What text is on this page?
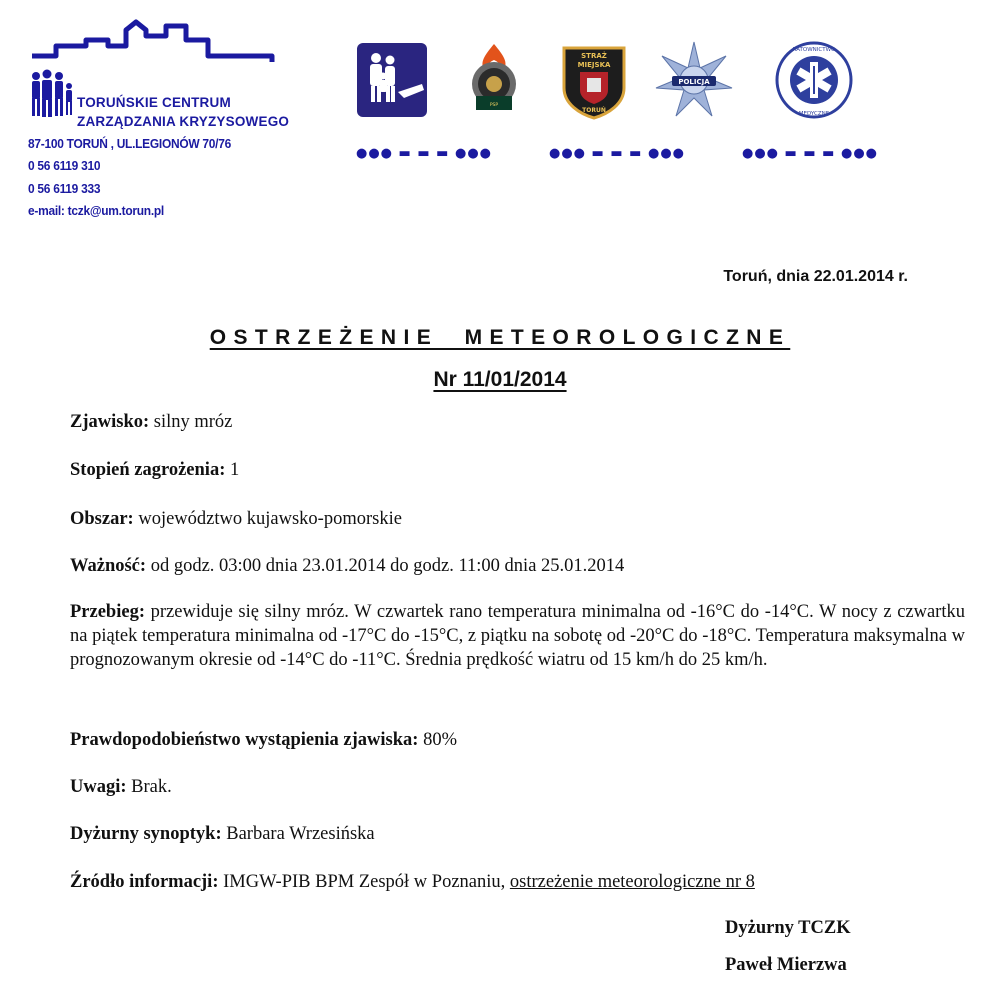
TORUŃSKIE CENTRUM
ZARZĄDZANIA KRYZYSOWEGO
87-100 TORUŃ , UL.LEGIONÓW 70/76
0 56 6119 310
0 56 6119 333
e-mail: tczk@um.torun.pl
PSP
STRAŻ
MIEJSKA
TORUŃ
POLICJA
RATOWNICTWO
MEDYCZNE
●●● ▬ ▬ ▬ ●●●	●●● ▬ ▬ ▬ ●●●	●●● ▬ ▬ ▬ ●●●
Toruń, dnia 22.01.2014 r.
OSTRZEŻENIE  METEOROLOGICZNE
Nr 11/01/2014
Zjawisko: silny mróz
Stopień zagrożenia: 1
Obszar: województwo kujawsko-pomorskie
Ważność: od godz. 03:00 dnia 23.01.2014 do godz. 11:00 dnia 25.01.2014
Przebieg: przewiduje się silny mróz. W czwartek rano temperatura minimalna od -16°C do -14°C. W nocy z czwartku na piątek temperatura minimalna od -17°C do -15°C, z piątku na sobotę od -20°C do -18°C. Temperatura maksymalna w prognozowanym okresie od -14°C do -11°C. Średnia prędkość wiatru od 15 km/h do 25 km/h.
Prawdopodobieństwo wystąpienia zjawiska: 80%
Uwagi: Brak.
Dyżurny synoptyk: Barbara Wrzesińska
Źródło informacji: IMGW-PIB BPM Zespół w Poznaniu, ostrzeżenie meteorologiczne nr 8
Dyżurny TCZK
Paweł Mierzwa
